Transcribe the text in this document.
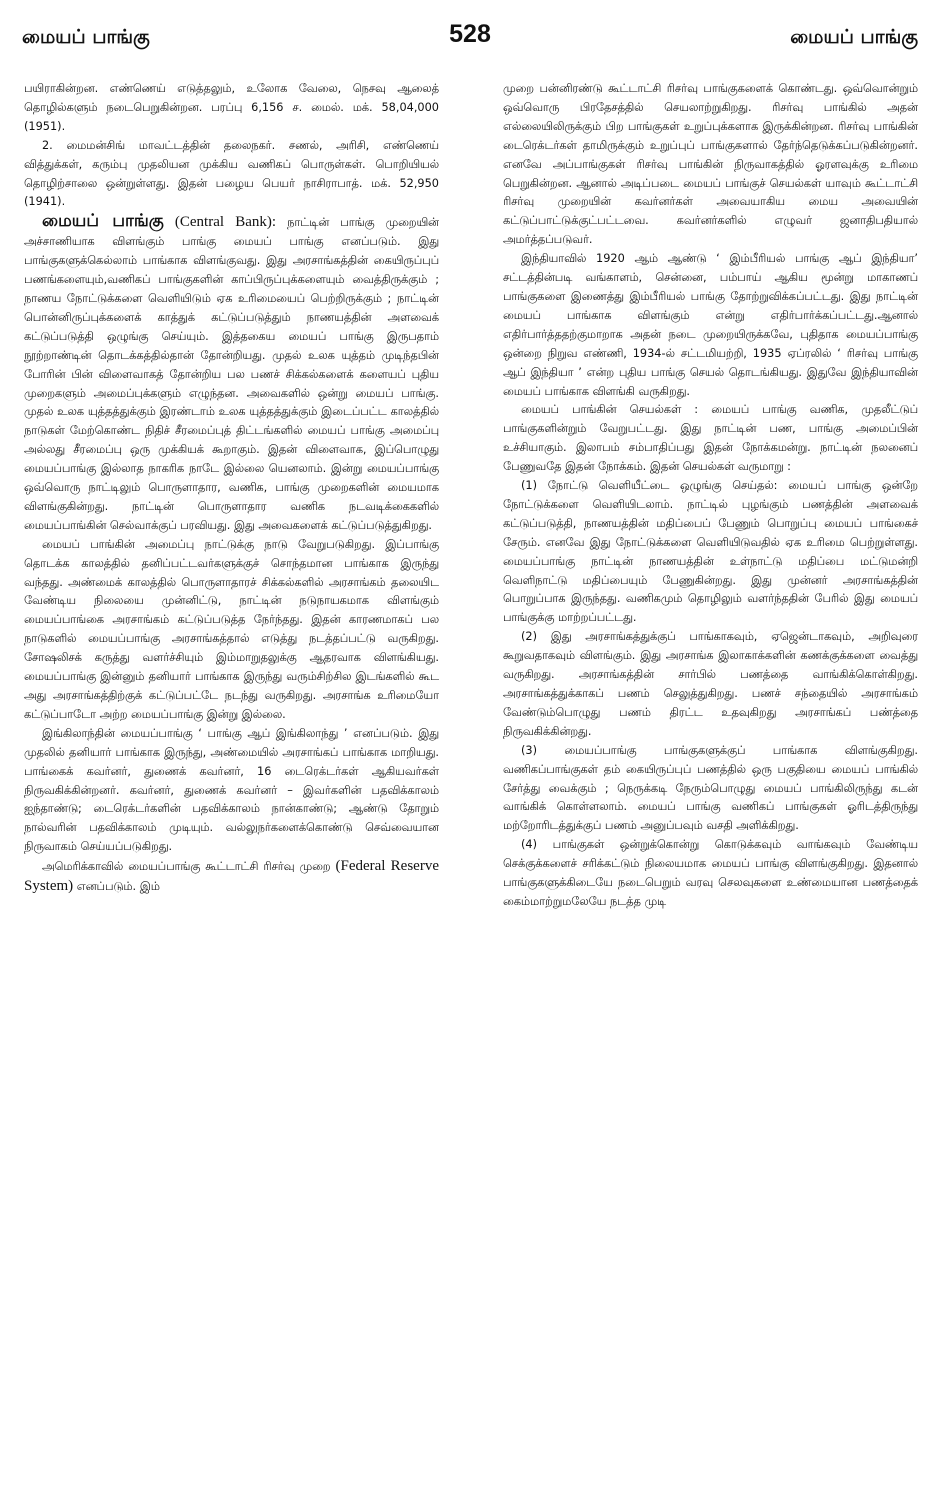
மையப் பாங்கு	528	மையப் பாங்கு

பயிராகின்றன. எண்ணெய் எடுத்தலும், உலோக வேலை, நெசவு ஆலைத் தொழில்களும் நடைபெறுகின்றன. பரப்பு 6,156 ச. மைல். மக். 58,04,000 (1951).

2. மைமன்சிங் மாவட்டத்தின் தலைநகர். சணல், அரிசி, எண்ணெய் வித்துக்கள், கரும்பு முதலியன முக்கிய வணிகப் பொருள்கள். பொறியியல் தொழிற்சாலை ஒன்றுள்ளது. இதன் பழைய பெயர் நாசிராபாத். மக். 52,950 (1941).

மையப் பாங்கு (Central Bank): நாட்டின் பாங்கு முறையின் அச்சாணியாக விளங்கும் பாங்கு மையப் பாங்கு எனப்படும். இது பாங்குகளுக்கெல்லாம் பாங்காக விளங்குவது. இது அரசாங்கத்தின் கையிருப்புப் பணங்களையும்,வணிகப் பாங்குகளின் காப்பிருப்புக்களையும் வைத்திருக்கும் ; நாணய நோட்டுக்களை வெளியிடும் ஏக உரிமையைப் பெற்றிருக்கும் ; நாட்டின் பொன்னிருப்புக்களைக் காத்துக் கட்டுப்படுத்தும் நாணயத்தின் அளவைக் கட்டுப்படுத்தி ஒழுங்கு செய்யும். இத்தகைய மையப் பாங்கு இருபதாம் நூற்றாண்டின் தொடக்கத்தில்தான் தோன்றியது. முதல் உலக யுத்தம் முடிந்தபின் போரின் பின் விளைவாகத் தோன்றிய பல பணச் சிக்கல்களைக் களையப் புதிய முறைகளும் அமைப்புக்களும் எழுந்தன. அவைகளில் ஒன்று மையப் பாங்கு. முதல் உலக யுத்தத்துக்கும் இரண்டாம் உலக யுத்தத்துக்கும் இடைப்பட்ட காலத்தில் நாடுகள் மேற்கொண்ட நிதிச் சீரமைப்புத் திட்டங்களில் மையப் பாங்கு அமைப்பு அல்லது சீரமைப்பு ஒரு முக்கியக் கூறாகும். இதன் விளைவாக, இப்பொழுது மையப்பாங்கு இல்லாத நாகரிக நாடே இல்லை யெனலாம். இன்று மையப்பாங்கு ஒவ்வொரு நாட்டிலும் பொருளாதார, வணிக, பாங்கு முறைகளின் மையமாக விளங்குகின்றது. நாட்டின் பொருளாதார வணிக நடவடிக்கைகளில் மையப்பாங்கின் செல்வாக்குப் பரவியது. இது அவைகளைக் கட்டுப்படுத்துகிறது.

மையப் பாங்கின் அமைப்பு நாட்டுக்கு நாடு வேறுபடுகிறது. இப்பாங்கு தொடக்க காலத்தில் தனிப்பட்டவர்களுக்குச் சொந்தமான பாங்காக இருந்து வந்தது. அண்மைக் காலத்தில் பொருளாதாரச் சிக்கல்களில் அரசாங்கம் தலையிட வேண்டிய நிலையை முன்னிட்டு, நாட்டின் நடுநாயகமாக விளங்கும் மையப்பாங்கை அரசாங்கம் கட்டுப்படுத்த நேர்ந்தது. இதன் காரணமாகப் பல நாடுகளில் மையப்பாங்கு அரசாங்கத்தால் எடுத்து நடத்தப்பட்டு வருகிறது. சோஷலிசக் கருத்து வளர்ச்சியும் இம்மாறுதலுக்கு ஆதரவாக விளங்கியது. மையப்பாங்கு இன்னும் தனியார் பாங்காக இருந்து வரும்சிற்சில இடங்களில் கூட அது அரசாங்கத்திற்குக் கட்டுப்பட்டே நடந்து வருகிறது. அரசாங்க உரிமையோ கட்டுப்பாடோ அற்ற மையப்பாங்கு இன்று இல்லை.

இங்கிலாந்தின் மையப்பாங்கு ‘ பாங்கு ஆப் இங்கிலாந்து ’ எனப்படும். இது முதலில் தனியார் பாங்காக இருந்து, அண்மையில் அரசாங்கப் பாங்காக மாறியது. பாங்கைக் கவர்னர், துணைக் கவர்னர், 16 டைரெக்டர்கள் ஆகியவர்கள் நிருவகிக்கின்றனர். கவர்னர், துணைக் கவர்னர் – இவர்களின் பதவிக்காலம் ஐந்தாண்டு; டைரெக்டர்களின் பதவிக்காலம் நான்காண்டு; ஆண்டு தோறும் நால்வரின் பதவிக்காலம் முடியும். வல்லுநர்களைக்கொண்டு செவ்வையான நிருவாகம் செய்யப்படுகிறது.

அமெரிக்காவில் மையப்பாங்கு கூட்டாட்சி ரிசர்வு முறை (Federal Reserve System) எனப்படும். இம்

முறை பன்னிரண்டு கூட்டாட்சி ரிசர்வு பாங்குகளைக் கொண்டது. ஒவ்வொன்றும் ஒவ்வொரு பிரதேசத்தில் செயலாற்றுகிறது. ரிசர்வு பாங்கில் அதன் எல்லையிலிருக்கும் பிற பாங்குகள் உறுப்புக்களாக இருக்கின்றன. ரிசர்வு பாங்கின் டைரெக்டர்கள் தாமிருக்கும் உறுப்புப் பாங்குகளால் தேர்ந்தெடுக்கப்படுகின்றனர். எனவே அப்பாங்குகள் ரிசர்வு பாங்கின் நிருவாகத்தில் ஓரளவுக்கு உரிமை பெறுகின்றன. ஆனால் அடிப்படை மையப் பாங்குச் செயல்கள் யாவும் கூட்டாட்சி ரிசர்வு முறையின் கவர்னர்கள் அவையாகிய மைய அவையின் கட்டுப்பாட்டுக்குட்பட்டவை. கவர்னர்களில் எழுவர் ஜனாதிபதியால் அமர்த்தப்படுவர்.

இந்தியாவில் 1920 ஆம் ஆண்டு ‘ இம்பீரியல் பாங்கு ஆப் இந்தியா’ சட்டத்தின்படி வங்காளம், சென்னை, பம்பாய் ஆகிய மூன்று மாகாணப் பாங்குகளை இணைத்து இம்பீரியல் பாங்கு தோற்றுவிக்கப்பட்டது. இது நாட்டின் மையப் பாங்காக விளங்கும் என்று எதிர்பார்க்கப்பட்டது.ஆனால் எதிர்பார்த்ததற்குமாறாக அதன் நடை முறையிருக்கவே, புதிதாக மையப்பாங்கு ஒன்றை நிறுவ எண்ணி, 1934-ல் சட்டமியற்றி, 1935 ஏப்ரலில் ‘ ரிசர்வு பாங்கு ஆப் இந்தியா ’ என்ற புதிய பாங்கு செயல் தொடங்கியது. இதுவே இந்தியாவின் மையப் பாங்காக விளங்கி வருகிறது.

மையப் பாங்கின் செயல்கள் : மையப் பாங்கு வணிக, முதலீட்டுப் பாங்குகளின்றும் வேறுபட்டது. இது நாட்டின் பண, பாங்கு அமைப்பின் உச்சியாகும். இலாபம் சம்பாதிப்பது இதன் நோக்கமன்று. நாட்டின் நலனைப் பேணுவதே இதன் நோக்கம். இதன் செயல்கள் வருமாறு :

(1) நோட்டு வெளியீட்டை ஒழுங்கு செய்தல்: மையப் பாங்கு ஒன்றே நோட்டுக்களை வெளியிடலாம். நாட்டில் புழங்கும் பணத்தின் அளவைக் கட்டுப்படுத்தி, நாணயத்தின் மதிப்பைப் பேணும் பொறுப்பு மையப் பாங்கைச் சேரும். எனவே இது நோட்டுக்களை வெளியிடுவதில் ஏக உரிமை பெற்றுள்ளது. மையப்பாங்கு நாட்டின் நாணயத்தின் உள்நாட்டு மதிப்பை மட்டுமன்றி வெளிநாட்டு மதிப்பையும் பேணுகின்றது. இது முன்னர் அரசாங்கத்தின் பொறுப்பாக இருந்தது. வணிகமும் தொழிலும் வளர்ந்ததின் பேரில் இது மையப் பாங்குக்கு மாற்றப்பட்டது.

(2) இது அரசாங்கத்துக்குப் பாங்காகவும், ஏஜென்டாகவும், அறிவுரை கூறுவதாகவும் விளங்கும். இது அரசாங்க இலாகாக்களின் கணக்குக்களை வைத்து வருகிறது. அரசாங்கத்தின் சார்பில் பணத்தை வாங்கிக்கொள்கிறது. அரசாங்கத்துக்காகப் பணம் செலுத்துகிறது. பணச் சந்தையில் அரசாங்கம் வேண்டும்பொழுது பணம் திரட்ட உதவுகிறது அரசாங்கப் பண்த்தை நிருவகிக்கின்றது.

(3) மையப்பாங்கு பாங்குகளுக்குப் பாங்காக விளங்குகிறது. வணிகப்பாங்குகள் தம் கையிருப்புப் பணத்தில் ஒரு பகுதியை மையப் பாங்கில் சேர்த்து வைக்கும் ; நெருக்கடி நேரும்பொழுது மையப் பாங்கிலிருந்து கடன் வாங்கிக் கொள்ளலாம். மையப் பாங்கு வணிகப் பாங்குகள் ஓரிடத்திருந்து மற்றோரிடத்துக்குப் பணம் அனுப்பவும் வசதி அளிக்கிறது.

(4) பாங்குகள் ஒன்றுக்கொன்று கொடுக்கவும் வாங்கவும் வேண்டிய செக்குக்களைச் சரிக்கட்டும் நிலையமாக மையப் பாங்கு விளங்குகிறது. இதனால் பாங்குகளுக்கிடையே நடைபெறும் வரவு செலவுகளை உண்மையான பணத்தைக் கைம்மாற்றுமலேயே நடத்த முடி
